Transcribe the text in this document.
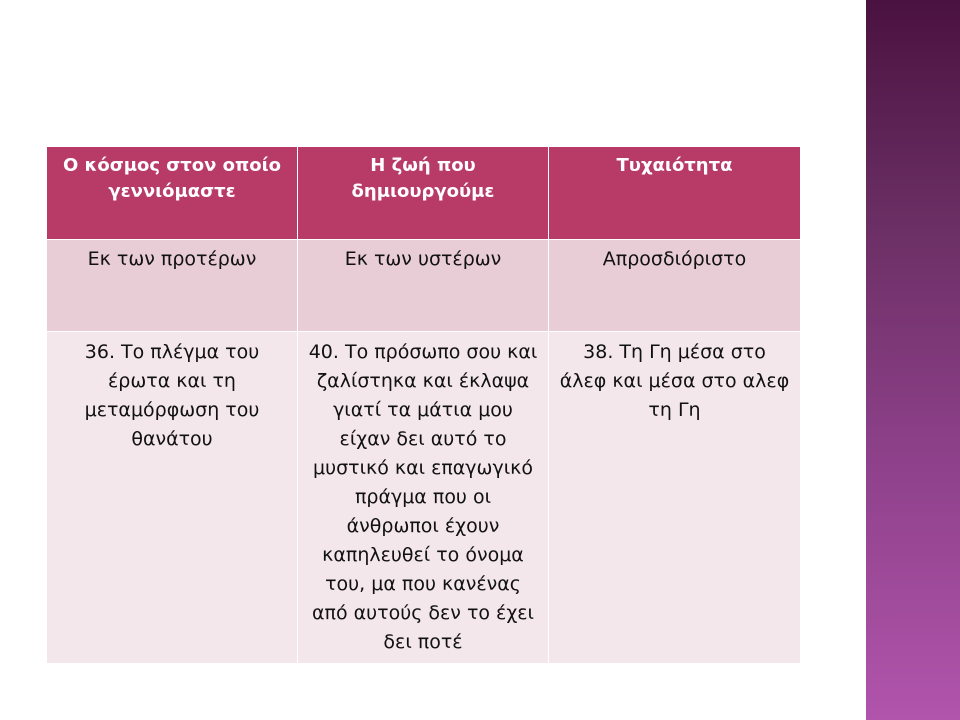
Ο κόσμος στον οποίο γεννιόμαστε	Η ζωή που δημιουργούμε	Τυχαιότητα
Εκ των προτέρων	Εκ των υστέρων	Απροσδιόριστο
36. Το πλέγμα του έρωτα και τη μεταμόρφωση του θανάτου	40. Το πρόσωπο σου και ζαλίστηκα και έκλαψα γιατί τα μάτια μου είχαν δει αυτό το μυστικό και επαγωγικό πράγμα που οι άνθρωποι έχουν καπηλευθεί το όνομα του, μα που κανένας από αυτούς δεν το έχει δει ποτέ	38. Τη Γη μέσα στο άλεφ και μέσα στο αλεφ τη Γη
